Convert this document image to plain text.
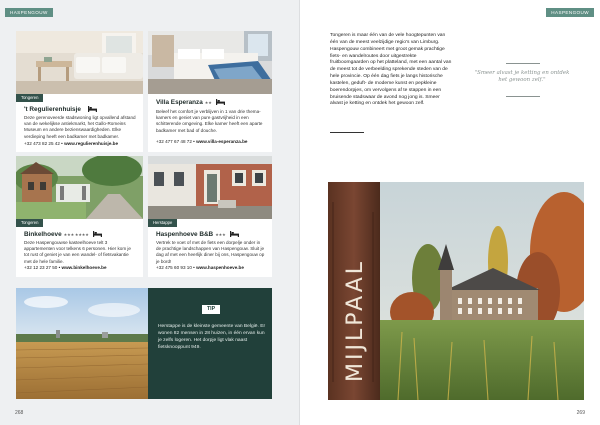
HASPENGOUW
Tongeren
't Regulierenhuisje
Deze gerenoveerde stadswoning ligt opvallend afstand van de wekelijkse antiekmarkt, het Gallo-Romeins Museum en andere bezienswaardigheden. Elke verdieping heeft een badkamer met badkamer.
+32 473 82 25 42 • www.regulierenhuisje.be
Villa Esperanza ★★
Beleef het comfort je verblijven in 1 van drie themakamers en geniet van pure gastvrijheid in een schitterende omgeving. Elke kamer heeft een aparte badkamer met bad of douche.
+32 477 67 48 72 • www.villa-esperanza.be
Tongeren
Binkelhoeve ★★★ ★★★★
Deze Haspengouwse kasteelhoeve telt 3 appartementen voor telkens 6 personen. Hier kom je tot rust of geniet je van een wandel- of fietsvakantie met de hele familie.
+32 12 23 27 50 • www.binkelhoeve.be
Herstappe
Haspenhoeve B&B ★★★
Vertrek te voet of met de fiets een dorpelje onder in de prachtige landschappen van Haspengouw. Sluit je dag af met een heerlijk diner bij ons, Haspengouw op je bord!
+32 475 60 93 10 • www.haspenhoeve.be
TIP
Herstappe is de kleinste gemeente van België. Er wonen 82 mensen in 28 huizen, in één ervan kun je zelfs logeren. Het dorpje ligt vlak naast fietsknooppunt 949.
268
HASPENGOUW
269
Tongeren is maar één van de vele hoogtepunten van één van de meest veelzijdige regio's van Limburg. Haspengouw combineert met groot gemak prachtige fiets- en wandelroutes door uitgestrekte fruitboomgaarden op het platteland, met een aantal van de meest tot de verbeelding sprekende steden van de hele provincie. Op één dag fiets je langs historische kastelen, geduft- de modeme kunst en pepkleine boerendorpjes, om vervolgens af te stappen in een bruisende stadswaar de avond nog jong is. Smeer alvast je ketting en ontdek het gewoon zelf.
"Smeer alvast je ketting en ontdek het gewoon zelf."
MIJLPAAL
